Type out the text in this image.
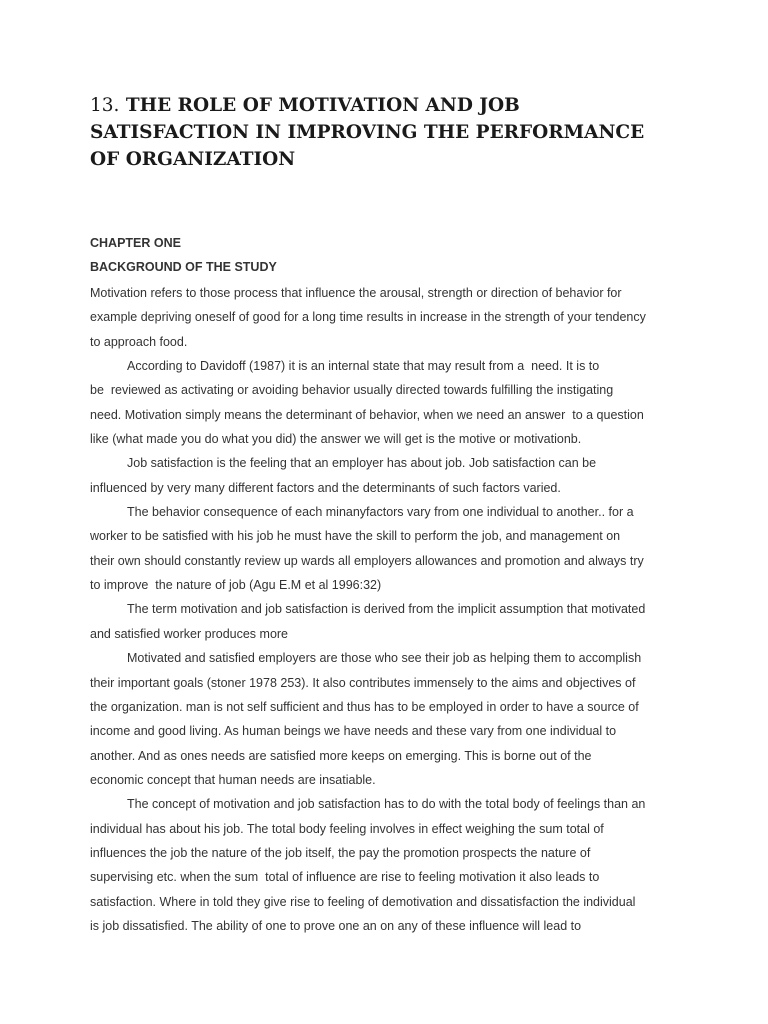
13. THE ROLE OF MOTIVATION AND JOB
SATISFACTION IN IMPROVING THE PERFORMANCE
OF ORGANIZATION

CHAPTER ONE

BACKGROUND OF THE STUDY

Motivation refers to those process that influence the arousal, strength or direction of behavior for
example depriving oneself of good for a long time results in increase in the strength of your tendency
to approach food.
According to Davidoff (1987) it is an internal state that may result from a  need. It is to
be  reviewed as activating or avoiding behavior usually directed towards fulfilling the instigating
need. Motivation simply means the determinant of behavior, when we need an answer  to a question
like (what made you do what you did) the answer we will get is the motive or motivationb.
Job satisfaction is the feeling that an employer has about job. Job satisfaction can be
influenced by very many different factors and the determinants of such factors varied.
The behavior consequence of each minanyfactors vary from one individual to another.. for a
worker to be satisfied with his job he must have the skill to perform the job, and management on
their own should constantly review up wards all employers allowances and promotion and always try
to improve  the nature of job (Agu E.M et al 1996:32)
The term motivation and job satisfaction is derived from the implicit assumption that motivated
and satisfied worker produces more
Motivated and satisfied employers are those who see their job as helping them to accomplish
their important goals (stoner 1978 253). It also contributes immensely to the aims and objectives of
the organization. man is not self sufficient and thus has to be employed in order to have a source of
income and good living. As human beings we have needs and these vary from one individual to
another. And as ones needs are satisfied more keeps on emerging. This is borne out of the
economic concept that human needs are insatiable.
The concept of motivation and job satisfaction has to do with the total body of feelings than an
individual has about his job. The total body feeling involves in effect weighing the sum total of
influences the job the nature of the job itself, the pay the promotion prospects the nature of
supervising etc. when the sum  total of influence are rise to feeling motivation it also leads to
satisfaction. Where in told they give rise to feeling of demotivation and dissatisfaction the individual
is job dissatisfied. The ability of one to prove one an on any of these influence will lead to
